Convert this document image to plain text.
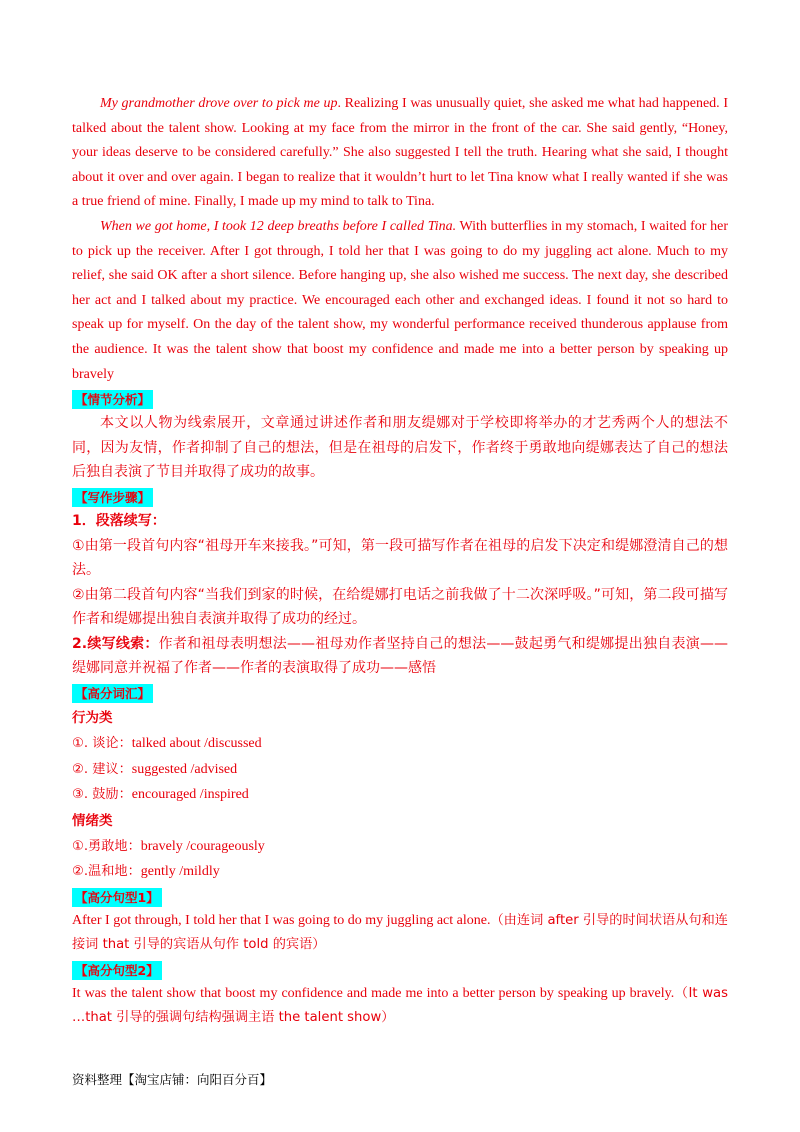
My grandmother drove over to pick me up. Realizing I was unusually quiet, she asked me what had happened. I talked about the talent show. Looking at my face from the mirror in the front of the car. She said gently, “Honey, your ideas deserve to be considered carefully.” She also suggested I tell the truth. Hearing what she said, I thought about it over and over again. I began to realize that it wouldn’t hurt to let Tina know what I really wanted if she was a true friend of mine. Finally, I made up my mind to talk to Tina.

When we got home, I took 12 deep breaths before I called Tina. With butterflies in my stomach, I waited for her to pick up the receiver. After I got through, I told her that I was going to do my juggling act alone. Much to my relief, she said OK after a short silence. Before hanging up, she also wished me success. The next day, she described her act and I talked about my practice. We encouraged each other and exchanged ideas. I found it not so hard to speak up for myself. On the day of the talent show, my wonderful performance received thunderous applause from the audience. It was the talent show that boost my confidence and made me into a better person by speaking up bravely

【情节分析】

本文以人物为线索展开，文章通过讲述作者和朋友缇娜对于学校即将举办的才艺秀两个人的想法不同，因为友情，作者抑制了自己的想法，但是在祖母的启发下，作者终于勇敢地向缇娜表达了自己的想法后独自表演了节目并取得了成功的故事。

【写作步骤】

1．段落续写：

①由第一段首句内容“祖母开车来接我。”可知，第一段可描写作者在祖母的启发下决定和缇娜澄清自己的想法。

②由第二段首句内容“当我们到家的时候，在给缇娜打电话之前我做了十二次深呼吸。”可知，第二段可描写作者和缇娜提出独自表演并取得了成功的经过。

2.续写线索：作者和祖母表明想法——祖母劝作者坚持自己的想法——鼓起勇气和缇娜提出独自表演——缇娜同意并祝福了作者——作者的表演取得了成功——感悟

【高分词汇】

行为类

①. 谈论：talked about /discussed

②. 建议：suggested /advised

③. 鼓励：encouraged /inspired

情绪类

①.勇敢地：bravely /courageously

②.温和地：gently /mildly

【高分句型1】

After I got through, I told her that I was going to do my juggling act alone.（由连词 after 引导的时间状语从句和连接词 that 引导的宾语从句作 told 的宾语）

【高分句型2】

It was the talent show that boost my confidence and made me into a better person by speaking up bravely.（It was …that 引导的强调句结构强调主语 the talent show）

资料整理【淘宝店铺：向阳百分百】
